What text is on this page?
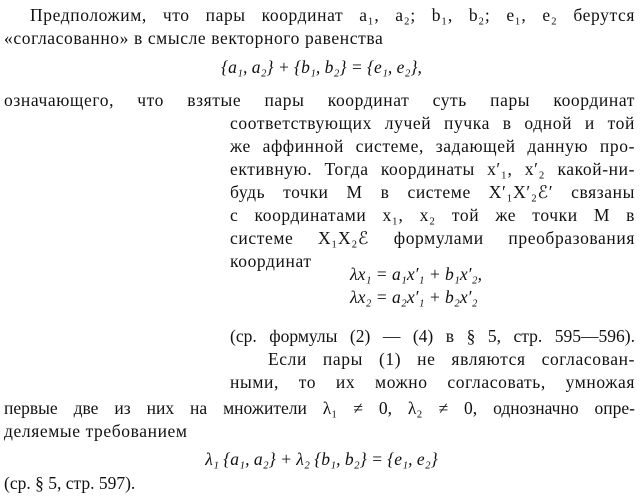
Предположим, что пары координат a₁, a₂; b₁, b₂; e₁, e₂ берутся
«согласованно» в смысле векторного равенства
{a₁, a₂} + {b₁, b₂} = {e₁, e₂},
означающего, что взятые пары координат суть пары координат
соответствующих лучей пучка в одной и той
же аффинной системе, задающей данную про-
ективную. Тогда координаты x′₁, x′₂ какой-ни-
будь точки M в системе X′₁X′₂ℰ′ связаны
с координатами x₁, x₂ той же точки M в
системе X₁X₂ℰ формулами преобразования
координат
λx₁ = a₁x′₁ + b₁x′₂,
λx₂ = a₂x′₁ + b₂x′₂
(ср. формулы (2) — (4) в § 5, стр. 595—596).
Если пары (1) не являются согласован-
ными, то их можно согласовать, умножая
первые две из них на множители λ₁ ≠ 0, λ₂ ≠ 0, однозначно опре-
деляемые требованием
λ₁ {a₁, a₂} + λ₂ {b₁, b₂} = {e₁, e₂}
(ср. § 5, стр. 597).
